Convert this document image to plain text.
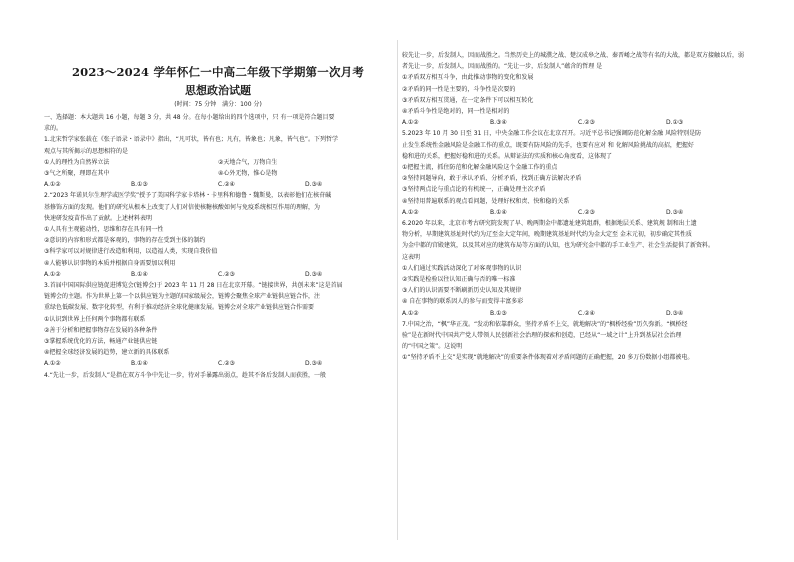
2023～2024 学年怀仁一中高二年级下学期第一次月考
思想政治试题
(时间：75 分钟　满分：100 分)

一、选择题：本大题共 16 小题，每题 3 分，共 48 分。在每小题给出的四个选项中，只 有一项是符合题目要

求的。

1.北宋哲学家张载在《张子语录・语录中》指出，“凡可状，皆有也；凡有，皆象也；凡象，皆气也”。下列哲学

观点与其所揭示的思想相符的是

①人的理性为自然界立法	②天地合气，万物自生
③气之所聚，理即在其中	④心外无物，惟心是物
A.①②	B.①③	C.②④	D.③④

2.“2023 年诺贝尔生理学或医学奖”授予了美国科学家卡塔林・卡里科和德鲁・魏斯曼，以表彰他们在核苷碱

基修饰方面的发现。他们的研究从根本上改变了人们对信使核糖核酸如何与免疫系统相互作用的理解，为

快速研发疫苗作出了贡献。上述材料表明

①人具有主观能动性，思维和存在具有同一性

②意识的内容和形式都是客观的，事物的存在受到主体的制约

③科学家可以对规律进行改造和利用，以造福人类，实现自我价值

④人能够认识事物的本质并根据自身需要加以利用

A.①②	B.①④	C.②③	D.③④

3.首届中国国际供应链促进博览会(链博会)于 2023 年 11 月 28 日在北京开幕。“链接世界，共创未来”这是首届

链博会的主题。作为世界上第一个以供应链为主题的国家级展会，链博会聚焦全球产业链供应链合作，注

重绿色低碳发展、数字化转型，有利于推动经济全球化健康发展。链博会对全球产业链供应链合作需要

①认识到世界上任何两个事物都有联系

②善于分析和把握事物存在发展的各种条件

③掌握系统优化的方法，畅通产业链供应链

④把握全球经济发展的趋势，建立新的具体联系

A.①②	B.①④	C.②③	D.③④

4.“先让一步，后发制人”是指在双方斗争中先让一步，待对手暴露出弱点，趁其不备后发制人而获胜，一般

较先让一步，后发制人，因而战胜之。当然历史上的城濮之战、楚汉成皋之战、秦晋崤之战等有名的大战，都是双方接触以后，弱

者先让一步，后发制人，因而战胜的。“先让一步，后发制人”蕴含的哲理 是

①矛盾双方相互斗争，由此推动事物的变化和发展

②矛盾的同一性是主要的，斗争性是次要的

③矛盾双方相互贯通，在一定条件下可以相互转化

④矛盾斗争性是绝对的，同一性是相对的

A.①②	B.③④	C.②③	D.①③

5.2023 年 10 月 30 日至 31 日，中央金融工作会议在北京召开。习近平总书记强调防范化解金融 风险特别是防

止发生系统性金融风险是金融工作的重点，既要有防风险的先手，也要有应对 和 化解风险挑战的高招，把握好

稳和进的关系，把握好稳和进的关系。从辩证法的实质和核心角度看，这体现了

①把握主流，抓住防范和化解金融风险这个金融工作的重点

②坚持问题导向，敢于承认矛盾、分析矛盾，找到正确方法解决矛盾

③坚持两点论与重点论的有机统一，正确处理主次矛盾

④坚持用普遍联系的观点看问题，处理好权和责、快和稳的关系

A.①②	B.①④	C.②③	D.③④

6.2020 年以来，北京市考古研究院发现了早、晚两期金中都遗址建筑组群，根据地层关系、建筑规 制和出土遗

物分析，早期建筑基址时代约为辽至金大定年间，晚期建筑基址时代约为金大定至 金末元初，初步确定其性质

为金中都的宫殿建筑，以及其对应的建筑布局等方面的认知，也为研究金中都的手工业生产、社会生活提供了新资料。

这表明

①人们通过实践活动深化了对客观事物的认识

②实践是检验以往认知正确与否的唯一标准

③人们的认识需要不断刷新历史认知及其规律

④ 自在事物的联系因人的参与而变得丰富多彩

A.①②	B.①③	C.②④	D.③④

7.中国之治，“枫”华正茂。“发动和依靠群众，坚持矛盾不上交，就地解决”的“枫桥经验”历久弥新。“枫桥经

验”是在新时代中国共产党人带领人民创新社会治理的探索和创造，已经从“一域之计”上升到基层社会治理

的“中国之策”。这说明

①“坚持矛盾不上交”是实现“就地解决”的重要条件体现着对矛盾问题的正确把握，20 多万份数据小组都被电。
